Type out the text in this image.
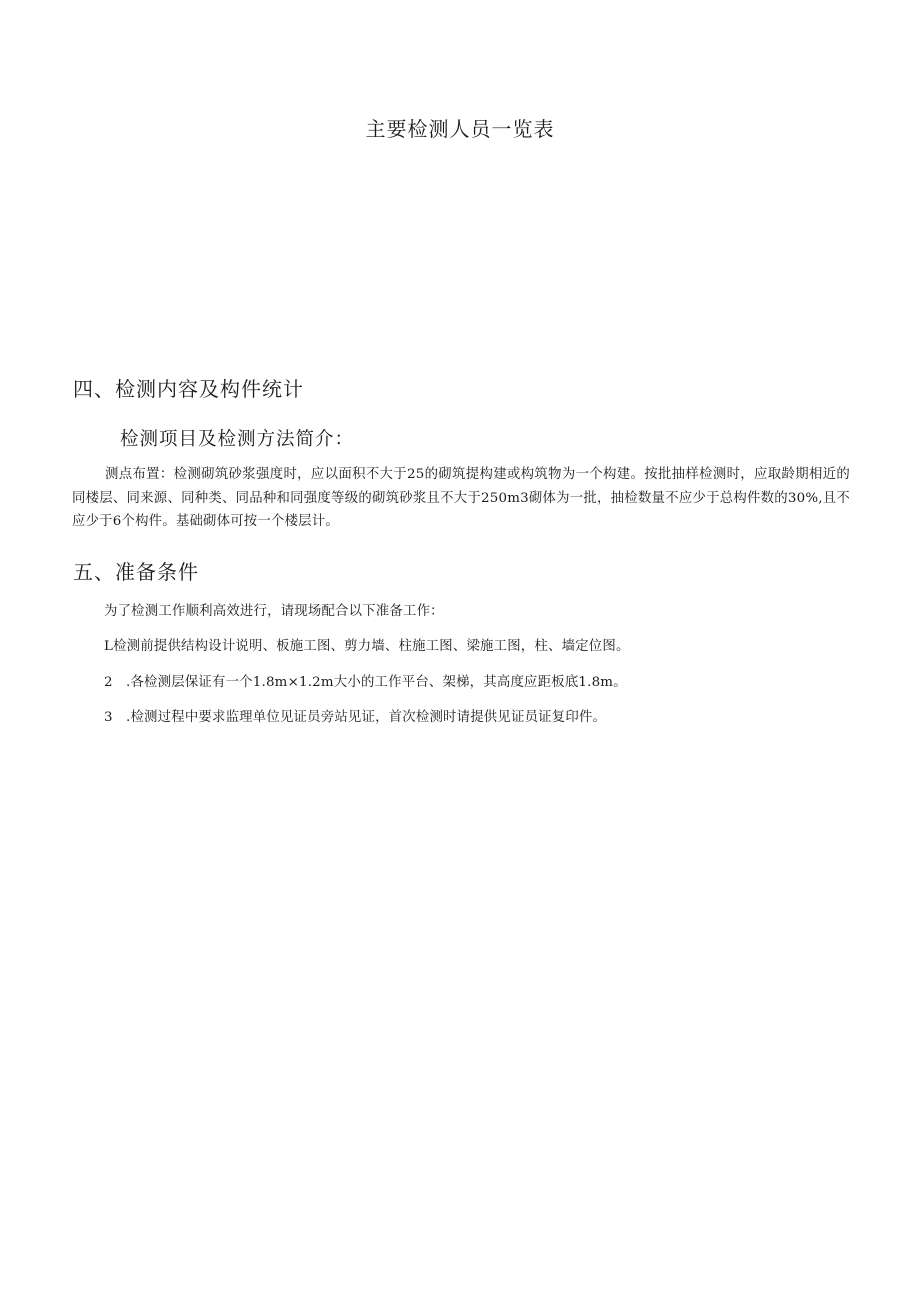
主要检测人员一览表
四、检测内容及构件统计
检测项目及检测方法简介：
测点布置：检测砌筑砂浆强度时，应以面积不大于25的砌筑提构建或构筑物为一个构建。按批抽样检测时，应取龄期相近的同楼层、同来源、同种类、同品种和同强度等级的砌筑砂浆且不大于250m3砌体为一批，抽检数量不应少于总构件数的30%,且不应少于6个构件。基础砌体可按一个楼层计。
五、准备条件
为了检测工作顺利高效进行，请现场配合以下准备工作：
L检测前提供结构设计说明、板施工图、剪力墙、柱施工图、梁施工图，柱、墙定位图。
2 .各检测层保证有一个1.8m×1.2m大小的工作平台、架梯，其高度应距板底1.8m。
3 .检测过程中要求监理单位见证员旁站见证，首次检测时请提供见证员证复印件。
